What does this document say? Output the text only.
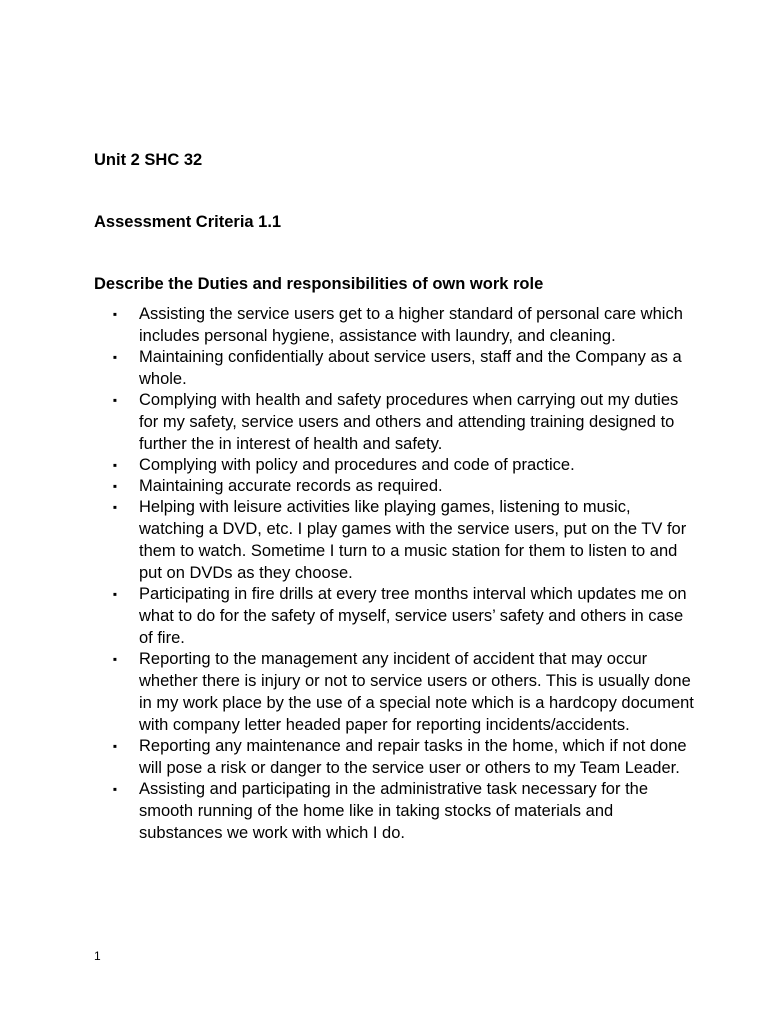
Unit 2 SHC 32
Assessment Criteria 1.1
Describe the Duties and responsibilities of own work role
▪ Assisting the service users get to a higher standard of personal care which includes personal hygiene, assistance with laundry, and cleaning.
▪ Maintaining confidentially about service users, staff and the Company as a whole.
▪ Complying with health and safety procedures when carrying out my duties for my safety, service users and others and attending training designed to further the in interest of health and safety.
▪ Complying with policy and procedures and code of practice.
▪ Maintaining accurate records as required.
▪ Helping with leisure activities like playing games, listening to music, watching a DVD, etc. I play games with the service users, put on the TV for them to watch. Sometime I turn to a music station for them to listen to and put on DVDs as they choose.
▪ Participating in fire drills at every tree months interval which updates me on what to do for the safety of myself, service users’ safety and others in case of fire.
▪ Reporting to the management any incident of accident that may occur whether there is injury or not to service users or others. This is usually done in my work place by the use of a special note which is a hardcopy document with company letter headed paper for reporting incidents/accidents.
▪ Reporting any maintenance and repair tasks in the home, which if not done will pose a risk or danger to the service user or others to my Team Leader.
▪ Assisting and participating in the administrative task necessary for the smooth running of the home like in taking stocks of materials and substances we work with which I do.
1
